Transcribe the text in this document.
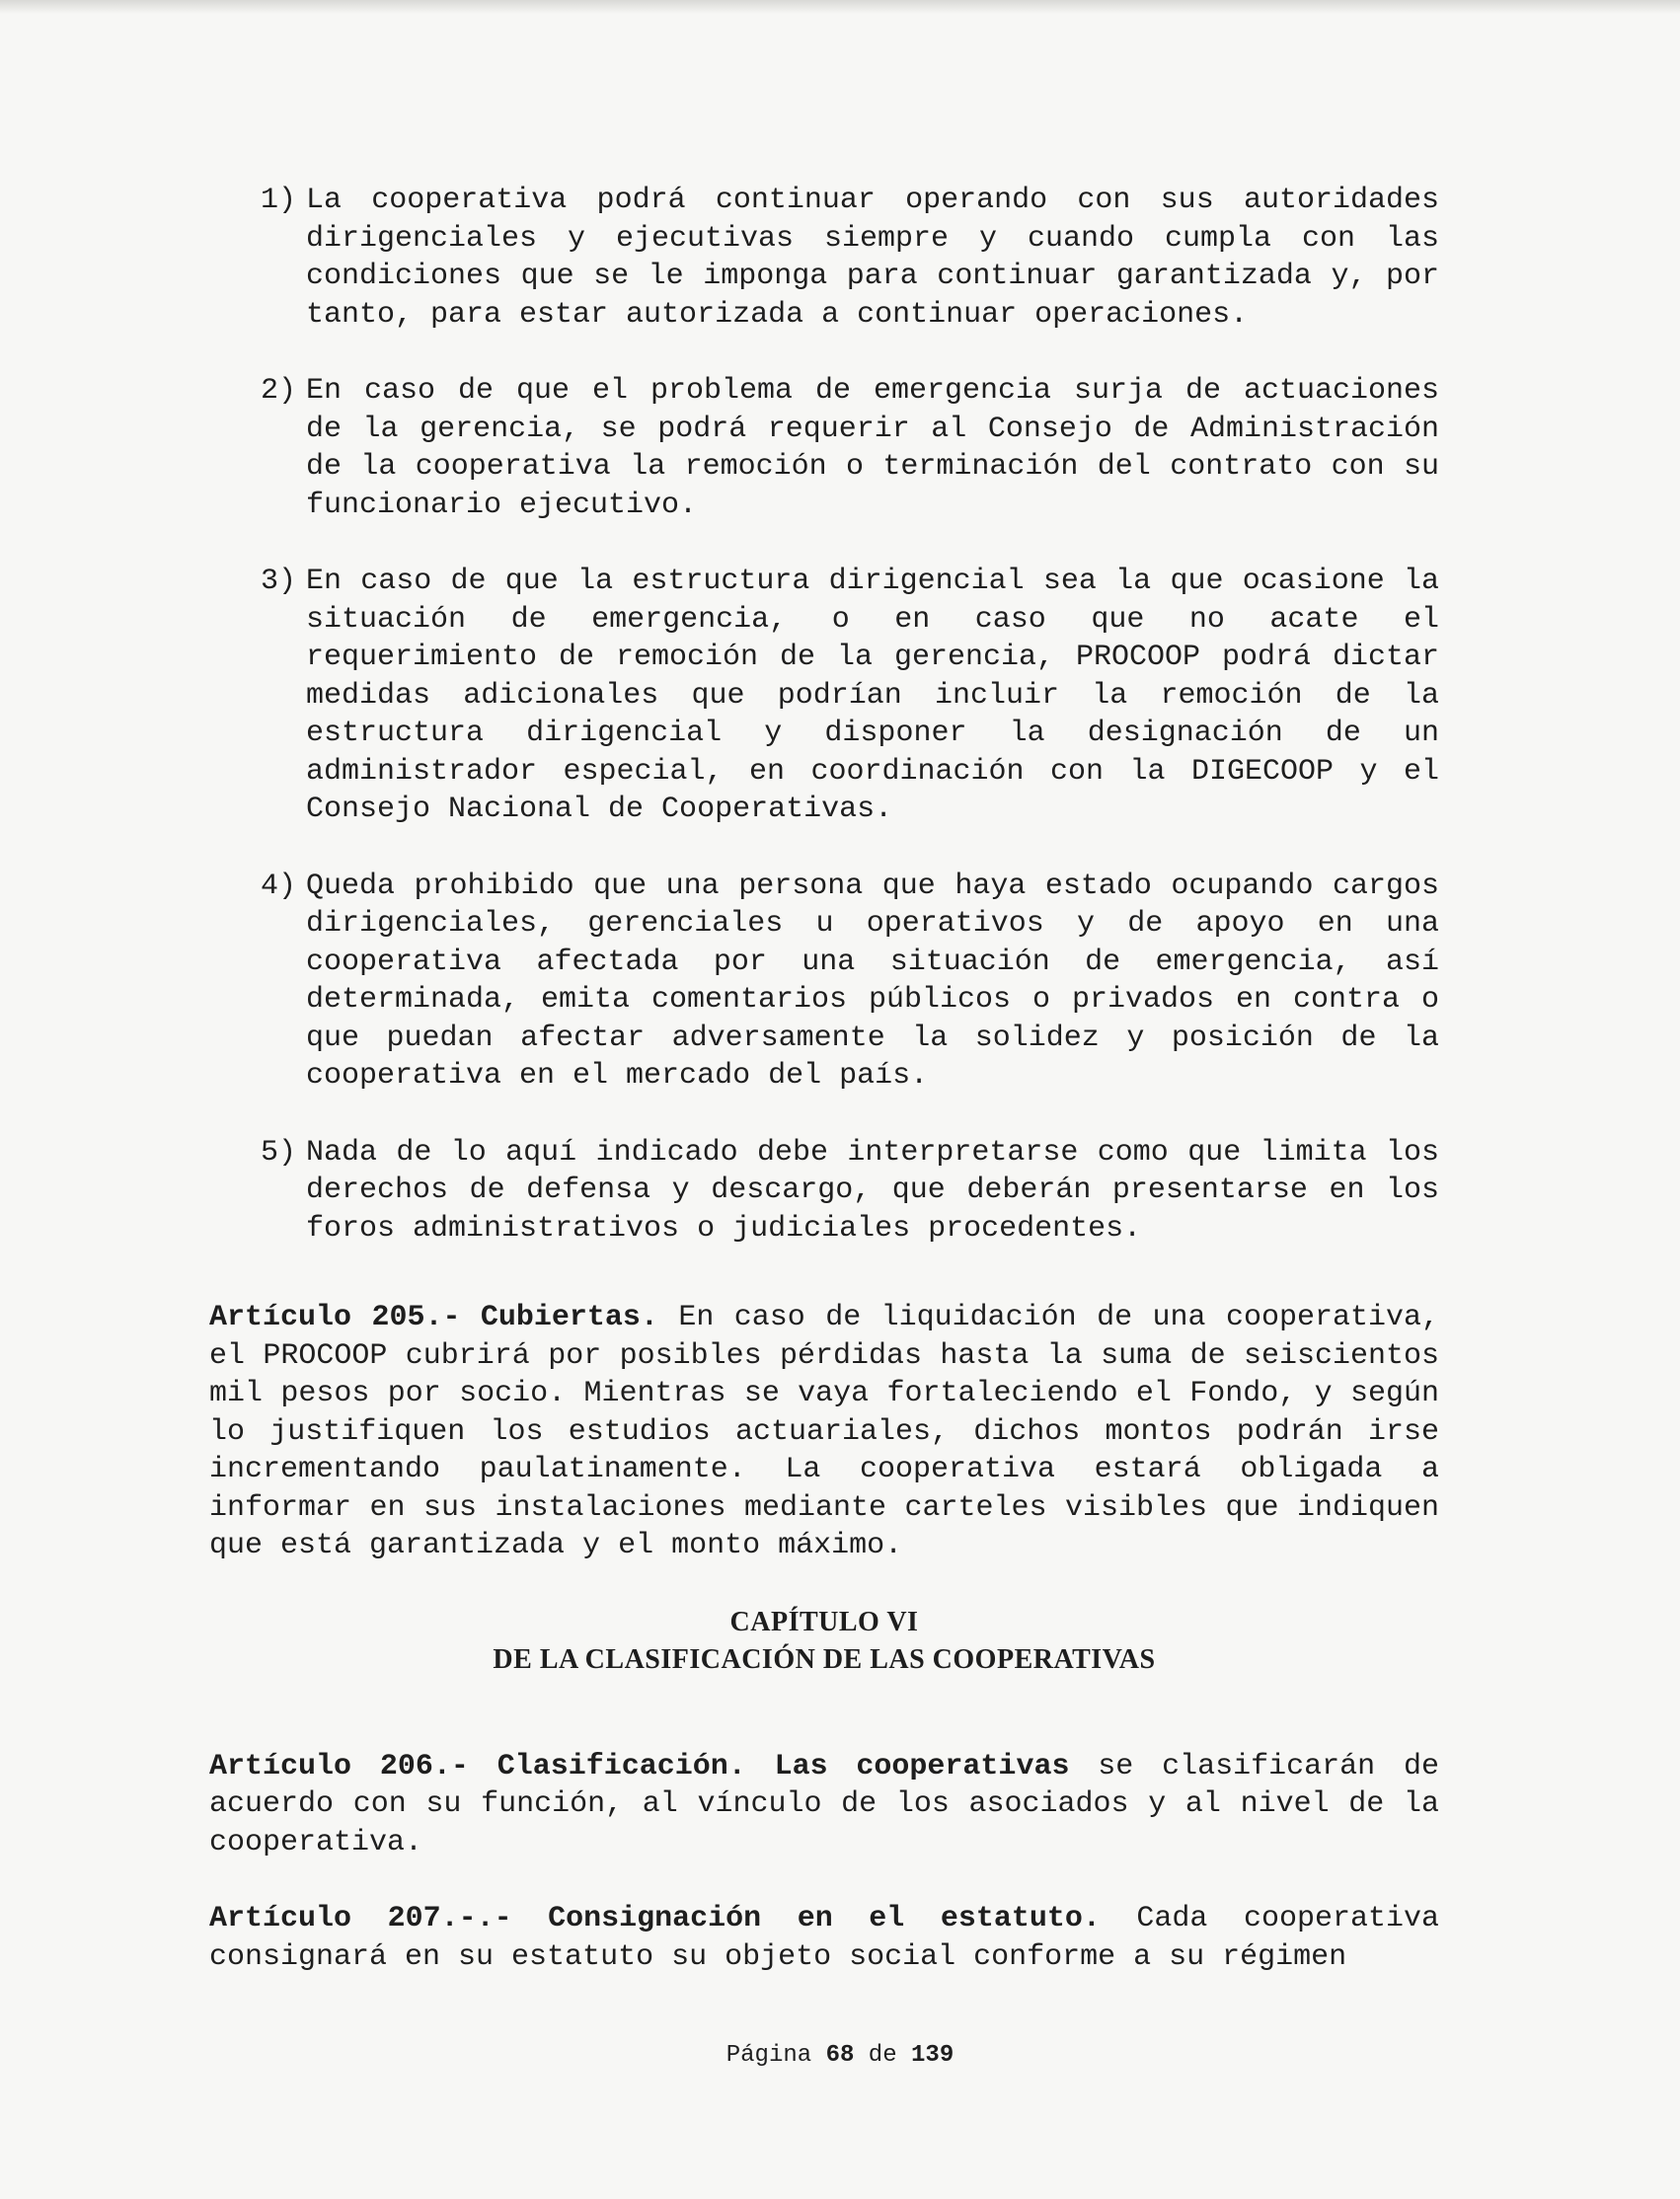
1) La cooperativa podrá continuar operando con sus autoridades dirigenciales y ejecutivas siempre y cuando cumpla con las condiciones que se le imponga para continuar garantizada y, por tanto, para estar autorizada a continuar operaciones.
2) En caso de que el problema de emergencia surja de actuaciones de la gerencia, se podrá requerir al Consejo de Administración de la cooperativa la remoción o terminación del contrato con su funcionario ejecutivo.
3) En caso de que la estructura dirigencial sea la que ocasione la situación de emergencia, o en caso que no acate el requerimiento de remoción de la gerencia, PROCOOP podrá dictar medidas adicionales que podrían incluir la remoción de la estructura dirigencial y disponer la designación de un administrador especial, en coordinación con la DIGECOOP y el Consejo Nacional de Cooperativas.
4) Queda prohibido que una persona que haya estado ocupando cargos dirigenciales, gerenciales u operativos y de apoyo en una cooperativa afectada por una situación de emergencia, así determinada, emita comentarios públicos o privados en contra o que puedan afectar adversamente la solidez y posición de la cooperativa en el mercado del país.
5) Nada de lo aquí indicado debe interpretarse como que limita los derechos de defensa y descargo, que deberán presentarse en los foros administrativos o judiciales procedentes.

Artículo 205.- Cubiertas. En caso de liquidación de una cooperativa, el PROCOOP cubrirá por posibles pérdidas hasta la suma de seiscientos mil pesos por socio. Mientras se vaya fortaleciendo el Fondo, y según lo justifiquen los estudios actuariales, dichos montos podrán irse incrementando paulatinamente. La cooperativa estará obligada a informar en sus instalaciones mediante carteles visibles que indiquen que está garantizada y el monto máximo.

CAPÍTULO VI
DE LA CLASIFICACIÓN DE LAS COOPERATIVAS

Artículo 206.- Clasificación. Las cooperativas se clasificarán de acuerdo con su función, al vínculo de los asociados y al nivel de la cooperativa.

Artículo 207.-.- Consignación en el estatuto. Cada cooperativa consignará en su estatuto su objeto social conforme a su régimen

Página 68 de 139
